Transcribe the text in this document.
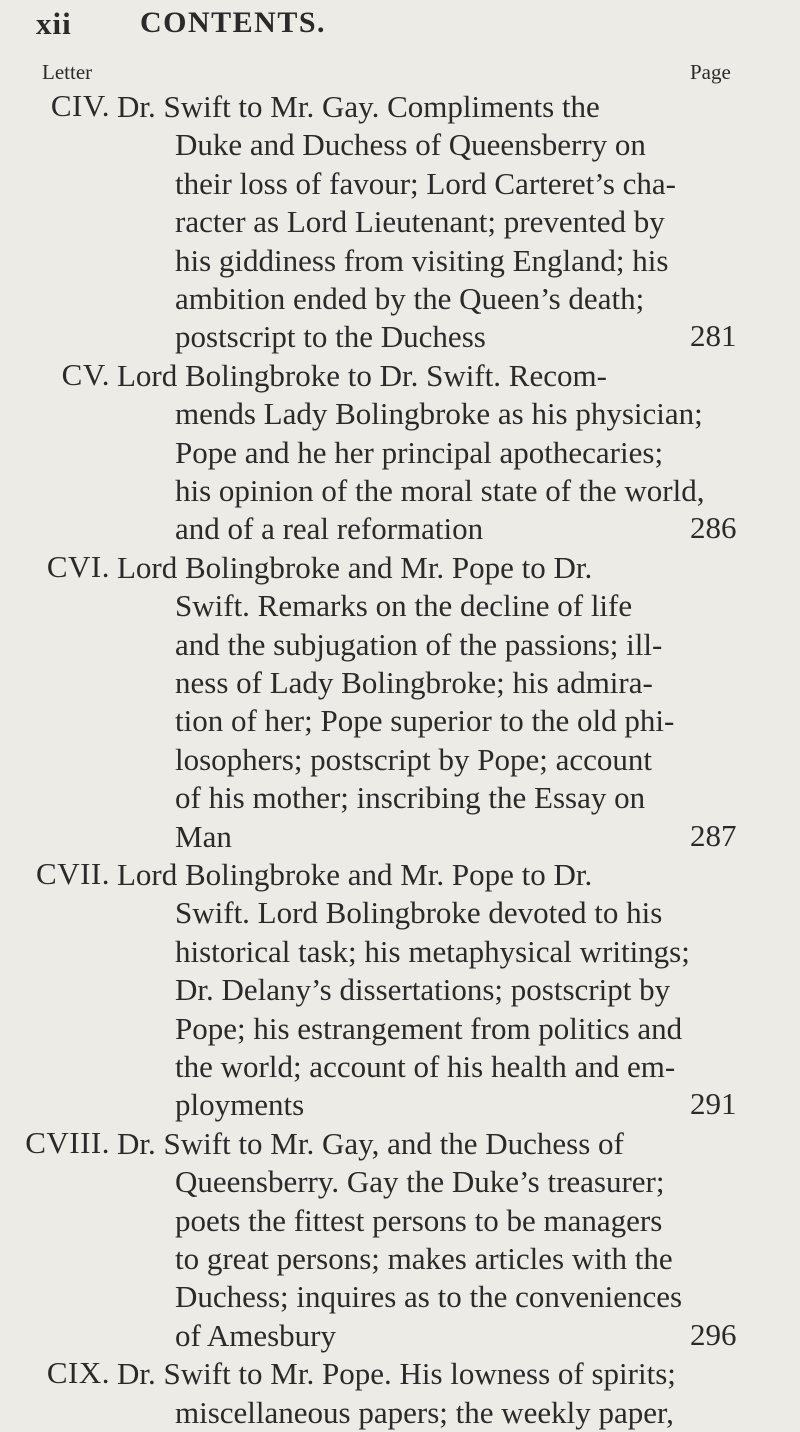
xii CONTENTS.
Letter	Page
CIV. Dr. Swift to Mr. Gay. Compliments the
Duke and Duchess of Queensberry on
their loss of favour; Lord Carteret’s cha-
racter as Lord Lieutenant; prevented by
his giddiness from visiting England; his
ambition ended by the Queen’s death;
postscript to the Duchess	281
CV. Lord Bolingbroke to Dr. Swift. Recom-
mends Lady Bolingbroke as his physician;
Pope and he her principal apothecaries;
his opinion of the moral state of the world,
and of a real reformation	286
CVI. Lord Bolingbroke and Mr. Pope to Dr.
Swift. Remarks on the decline of life
and the subjugation of the passions; ill-
ness of Lady Bolingbroke; his admira-
tion of her; Pope superior to the old phi-
losophers; postscript by Pope; account
of his mother; inscribing the Essay on
Man	287
CVII. Lord Bolingbroke and Mr. Pope to Dr.
Swift. Lord Bolingbroke devoted to his
historical task; his metaphysical writings;
Dr. Delany’s dissertations; postscript by
Pope; his estrangement from politics and
the world; account of his health and em-
ployments	291
CVIII. Dr. Swift to Mr. Gay, and the Duchess of
Queensberry. Gay the Duke’s treasurer;
poets the fittest persons to be managers
to great persons; makes articles with the
Duchess; inquires as to the conveniences
of Amesbury	296
CIX. Dr. Swift to Mr. Pope. His lowness of spirits;
miscellaneous papers; the weekly paper,
